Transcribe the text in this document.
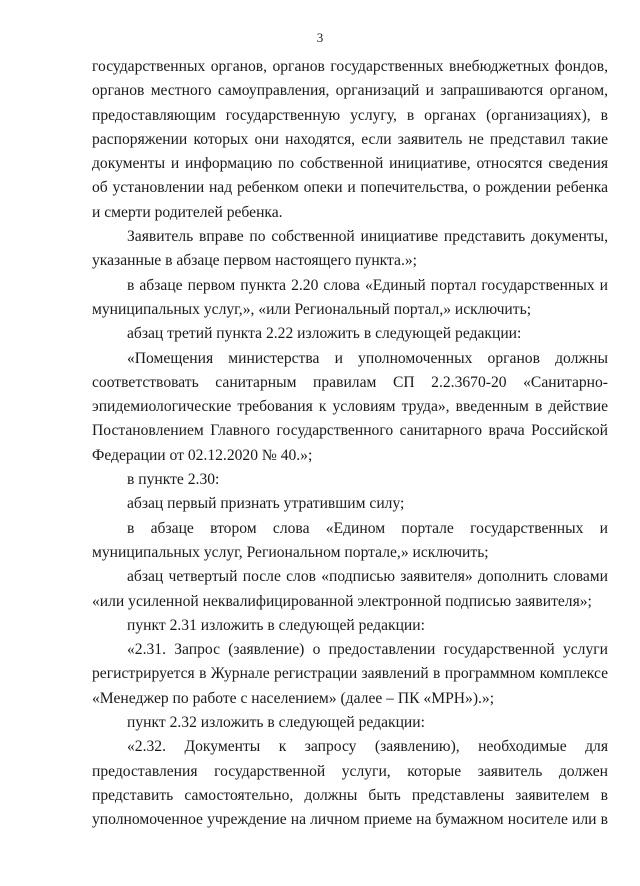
3

государственных органов, органов государственных внебюджетных фондов, органов местного самоуправления, организаций и запрашиваются органом, предоставляющим государственную услугу, в органах (организациях), в распоряжении которых они находятся, если заявитель не представил такие документы и информацию по собственной инициативе, относятся сведения об установлении над ребенком опеки и попечительства, о рождении ребенка и смерти родителей ребенка.

Заявитель вправе по собственной инициативе представить документы, указанные в абзаце первом настоящего пункта.»;

в абзаце первом пункта 2.20 слова «Единый портал государственных и муниципальных услуг,», «или Региональный портал,» исключить;

абзац третий пункта 2.22 изложить в следующей редакции:

«Помещения министерства и уполномоченных органов должны соответствовать санитарным правилам СП 2.2.3670-20 «Санитарно-эпидемиологические требования к условиям труда», введенным в действие Постановлением Главного государственного санитарного врача Российской Федерации от 02.12.2020 № 40.»;

в пункте 2.30:

абзац первый признать утратившим силу;

в абзаце втором слова «Едином портале государственных и муниципальных услуг, Региональном портале,» исключить;

абзац четвертый после слов «подписью заявителя» дополнить словами «или усиленной неквалифицированной электронной подписью заявителя»;

пункт 2.31 изложить в следующей редакции:

«2.31. Запрос (заявление) о предоставлении государственной услуги регистрируется в Журнале регистрации заявлений в программном комплексе «Менеджер по работе с населением» (далее – ПК «МРН»).»;

пункт 2.32 изложить в следующей редакции:

«2.32. Документы к запросу (заявлению), необходимые для предоставления государственной услуги, которые заявитель должен представить самостоятельно, должны быть представлены заявителем в уполномоченное учреждение на личном приеме на бумажном носителе или в
